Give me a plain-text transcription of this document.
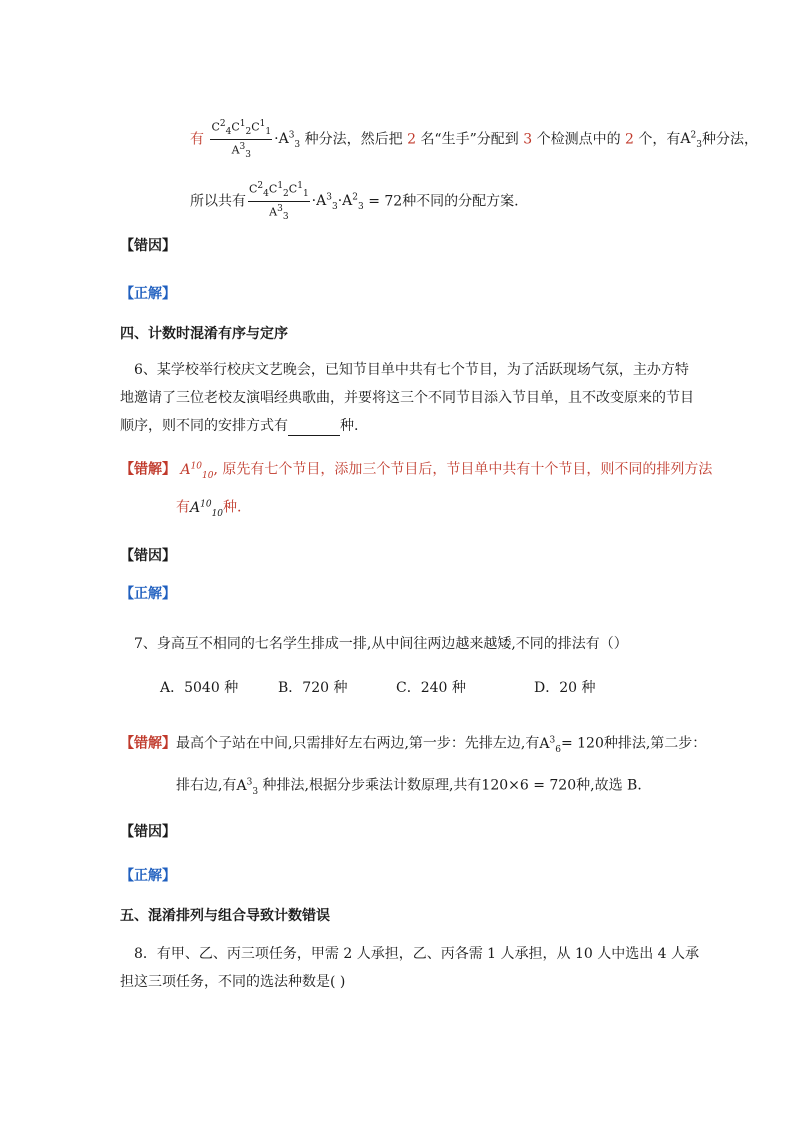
有 $\frac{C^2_4C^1_2C^1_1}{A^3_3} \cdot A^3_3$ 种分法，然后把 2 名“生手”分配到 3 个检测点中的 2 个，有$A^2_3$种分法，
所以共有 $\frac{C^2_4C^1_2C^1_1}{A^3_3} \cdot A^3_3\cdot A^2_3 = 72$种不同的分配方案.
【错因】
【正解】
四、计数时混淆有序与定序
6、某学校举行校庆文艺晚会，已知节目单中共有七个节目，为了活跃现场气氛，主办方特
地邀请了三位老校友演唱经典歌曲，并要将这三个不同节目添入节目单，且不改变原来的节目
顺序，则不同的安排方式有	种.
【错解】 $A^{10}_{10}$, 原先有七个节目，添加三个节目后，节目单中共有十个节目，则不同的排列方法
有$A^{10}_{10}$种.
【错因】
【正解】
7、身高互不相同的七名学生排成一排,从中间往两边越来越矮,不同的排法有（）
A．5040 种	B．720 种	C．240 种	D．20 种
【错解】最高个子站在中间,只需排好左右两边,第一步：先排左边,有$A^3_6= 120$种排法,第二步：
排右边,有$A^3_3$ 种排法,根据分步乘法计数原理,共有120×6 = 720种,故选 B．
【错因】
【正解】
五、混淆排列与组合导致计数错误
8．有甲、乙、丙三项任务，甲需 2 人承担，乙、丙各需 1 人承担，从 10 人中选出 4 人承
担这三项任务，不同的选法种数是( )
